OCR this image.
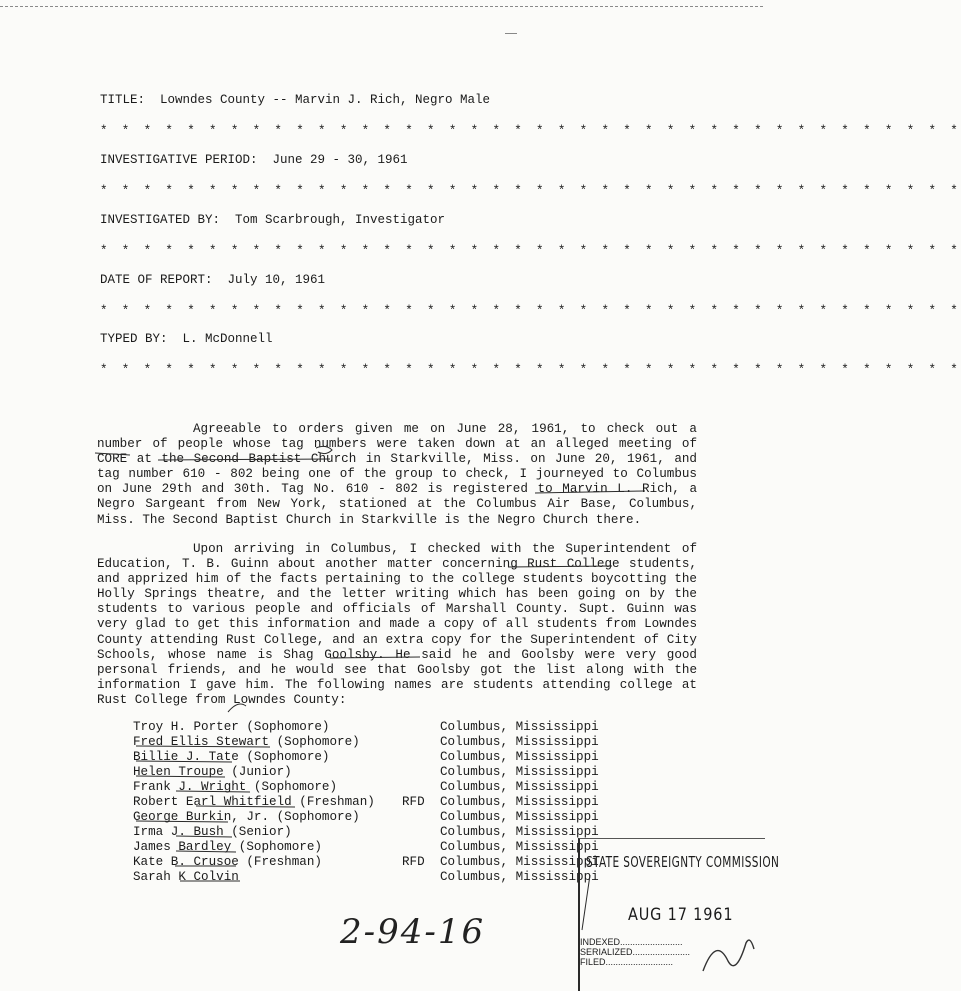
TITLE:  Lowndes County -- Marvin J. Rich, Negro Male
* * * * * * * * * * * * * * * * * * * * * * * * * * * * * * * * * * * * * * * *
INVESTIGATIVE PERIOD:  June 29 - 30, 1961
* * * * * * * * * * * * * * * * * * * * * * * * * * * * * * * * * * * * * * * *
INVESTIGATED BY:  Tom Scarbrough, Investigator
* * * * * * * * * * * * * * * * * * * * * * * * * * * * * * * * * * * * * * * *
DATE OF REPORT:  July 10, 1961
* * * * * * * * * * * * * * * * * * * * * * * * * * * * * * * * * * * * * * * *
TYPED BY:  L. McDonnell
* * * * * * * * * * * * * * * * * * * * * * * * * * * * * * * * * * * * * * * *
Agreeable to orders given me on June 28, 1961, to check out a number of people whose tag numbers were taken down at an alleged meeting of CORE at the Second Baptist Church in Starkville, Miss. on June 20, 1961, and tag number 610 - 802 being one of the group to check, I journeyed to Columbus on June 29th and 30th. Tag No. 610 - 802 is registered to Marvin L. Rich, a Negro Sargeant from New York, stationed at the Columbus Air Base, Columbus, Miss. The Second Baptist Church in Starkville is the Negro Church there.
Upon arriving in Columbus, I checked with the Superintendent of Education, T. B. Guinn about another matter concerning Rust College students, and apprized him of the facts pertaining to the college students boycotting the Holly Springs theatre, and the letter writing which has been going on by the students to various people and officials of Marshall County. Supt. Guinn was very glad to get this information and made a copy of all students from Lowndes County attending Rust College, and an extra copy for the Superintendent of City Schools, whose name is Shag Goolsby. He said he and Goolsby were very good personal friends, and he would see that Goolsby got the list along with the information I gave him. The following names are students attending college at Rust College from Lowndes County:
Troy H. Porter (Sophomore)	Columbus, Mississippi
Fred Ellis Stewart (Sophomore)	Columbus, Mississippi
Billie J. Tate (Sophomore)	Columbus, Mississippi
Helen Troupe (Junior)	Columbus, Mississippi
Frank J. Wright (Sophomore)	Columbus, Mississippi
Robert Earl Whitfield (Freshman) RFD Columbus, Mississippi
George Burkin, Jr. (Sophomore)	Columbus, Mississippi
Irma J. Bush (Senior)	Columbus, Mississippi
James Bardley (Sophomore)	Columbus, Mississippi
Kate B. Crusoe (Freshman)	RFD Columbus, Mississippi
Sarah K Colvin	Columbus, Mississippi
STATE SOVEREIGNTY COMMISSION
AUG 17 1961
INDEXED.........................
SERIALIZED.......................
FILED...........................
2-94-16
